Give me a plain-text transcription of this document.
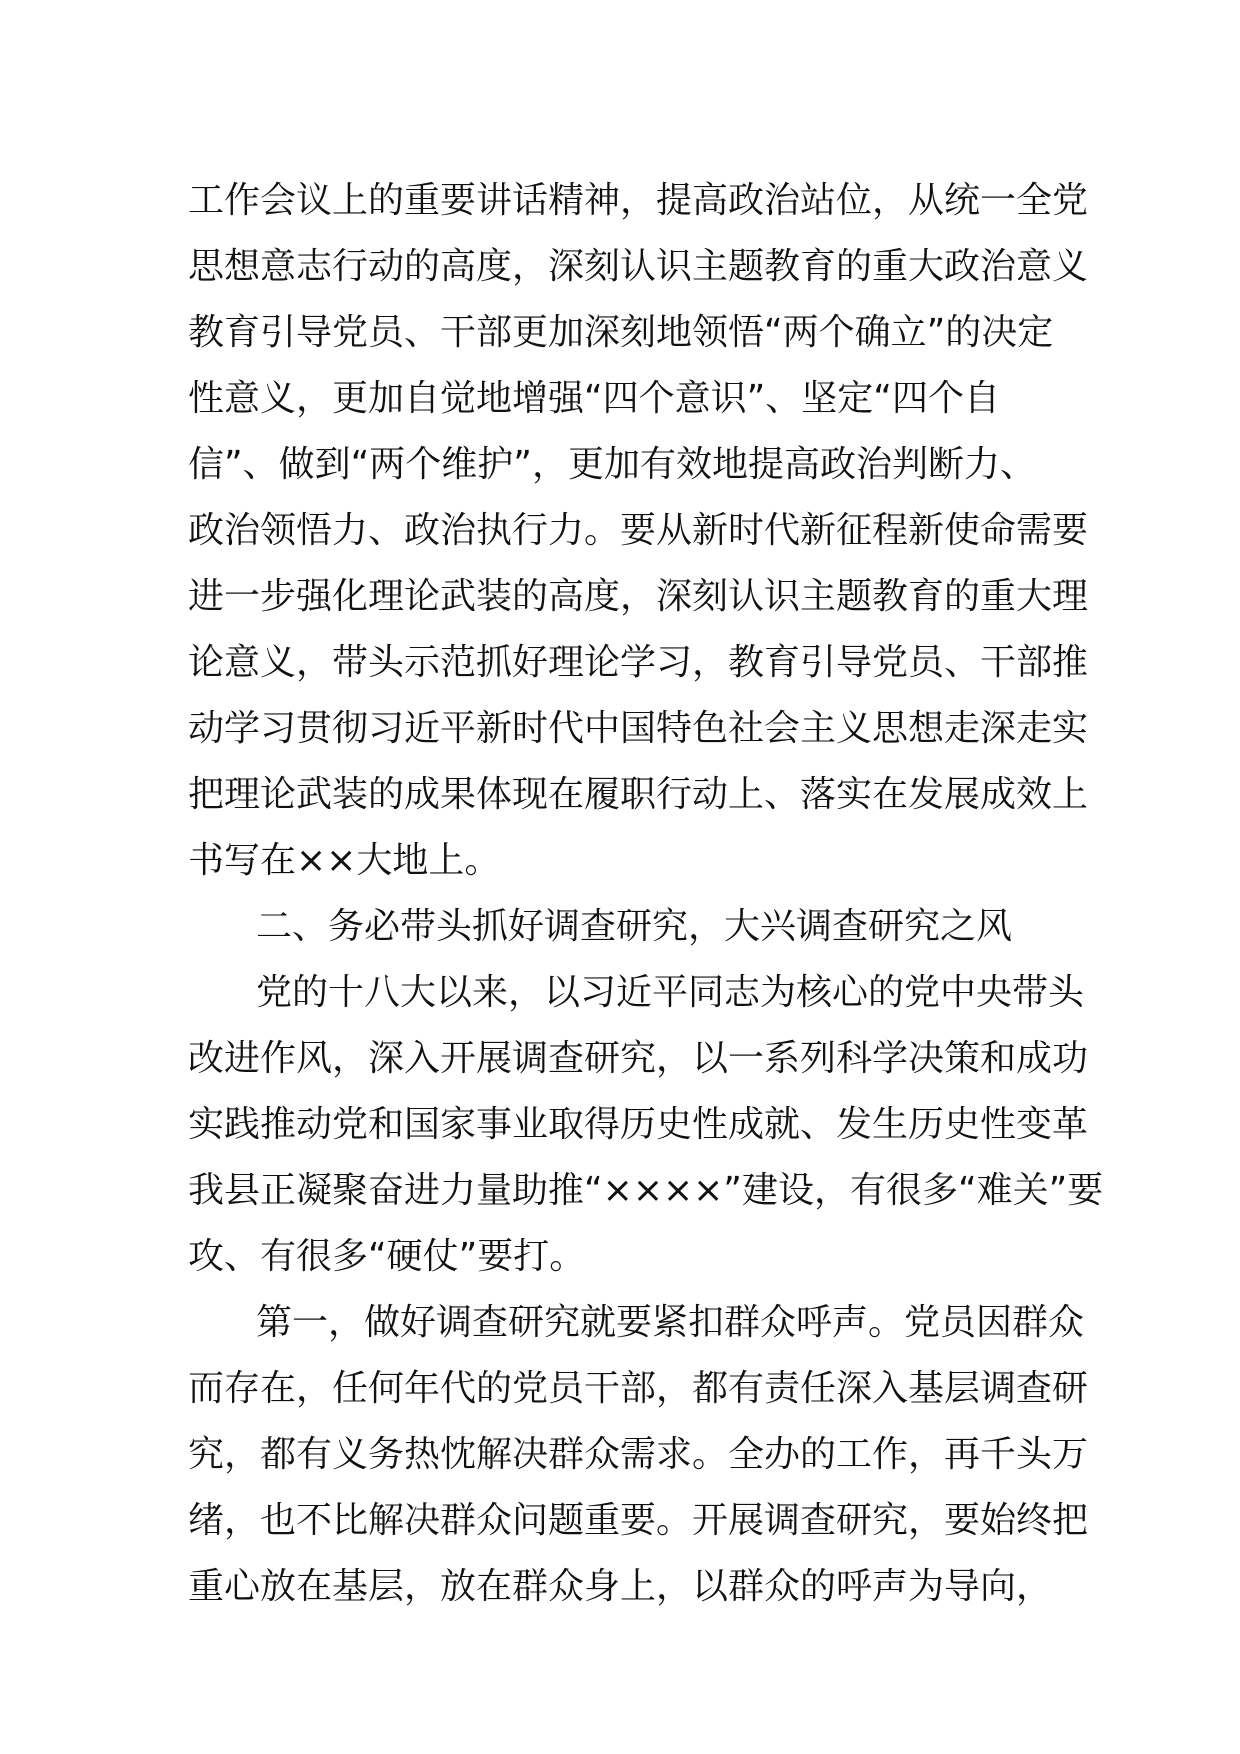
工作会议上的重要讲话精神，提高政治站位，从统一全党
思想意志行动的高度，深刻认识主题教育的重大政治意义
教育引导党员、干部更加深刻地领悟“两个确立”的决定
性意义，更加自觉地增强“四个意识”、坚定“四个自
信”、做到“两个维护”，更加有效地提高政治判断力、
政治领悟力、政治执行力。要从新时代新征程新使命需要
进一步强化理论武装的高度，深刻认识主题教育的重大理
论意义，带头示范抓好理论学习，教育引导党员、干部推
动学习贯彻习近平新时代中国特色社会主义思想走深走实
把理论武装的成果体现在履职行动上、落实在发展成效上
书写在××大地上。
二、务必带头抓好调查研究，大兴调查研究之风
党的十八大以来，以习近平同志为核心的党中央带头
改进作风，深入开展调查研究，以一系列科学决策和成功
实践推动党和国家事业取得历史性成就、发生历史性变革
我县正凝聚奋进力量助推“××××”建设，有很多“难关”要
攻、有很多“硬仗”要打。
第一，做好调查研究就要紧扣群众呼声。党员因群众
而存在，任何年代的党员干部，都有责任深入基层调查研
究，都有义务热忱解决群众需求。全办的工作，再千头万
绪，也不比解决群众问题重要。开展调查研究，要始终把
重心放在基层，放在群众身上，以群众的呼声为导向，
